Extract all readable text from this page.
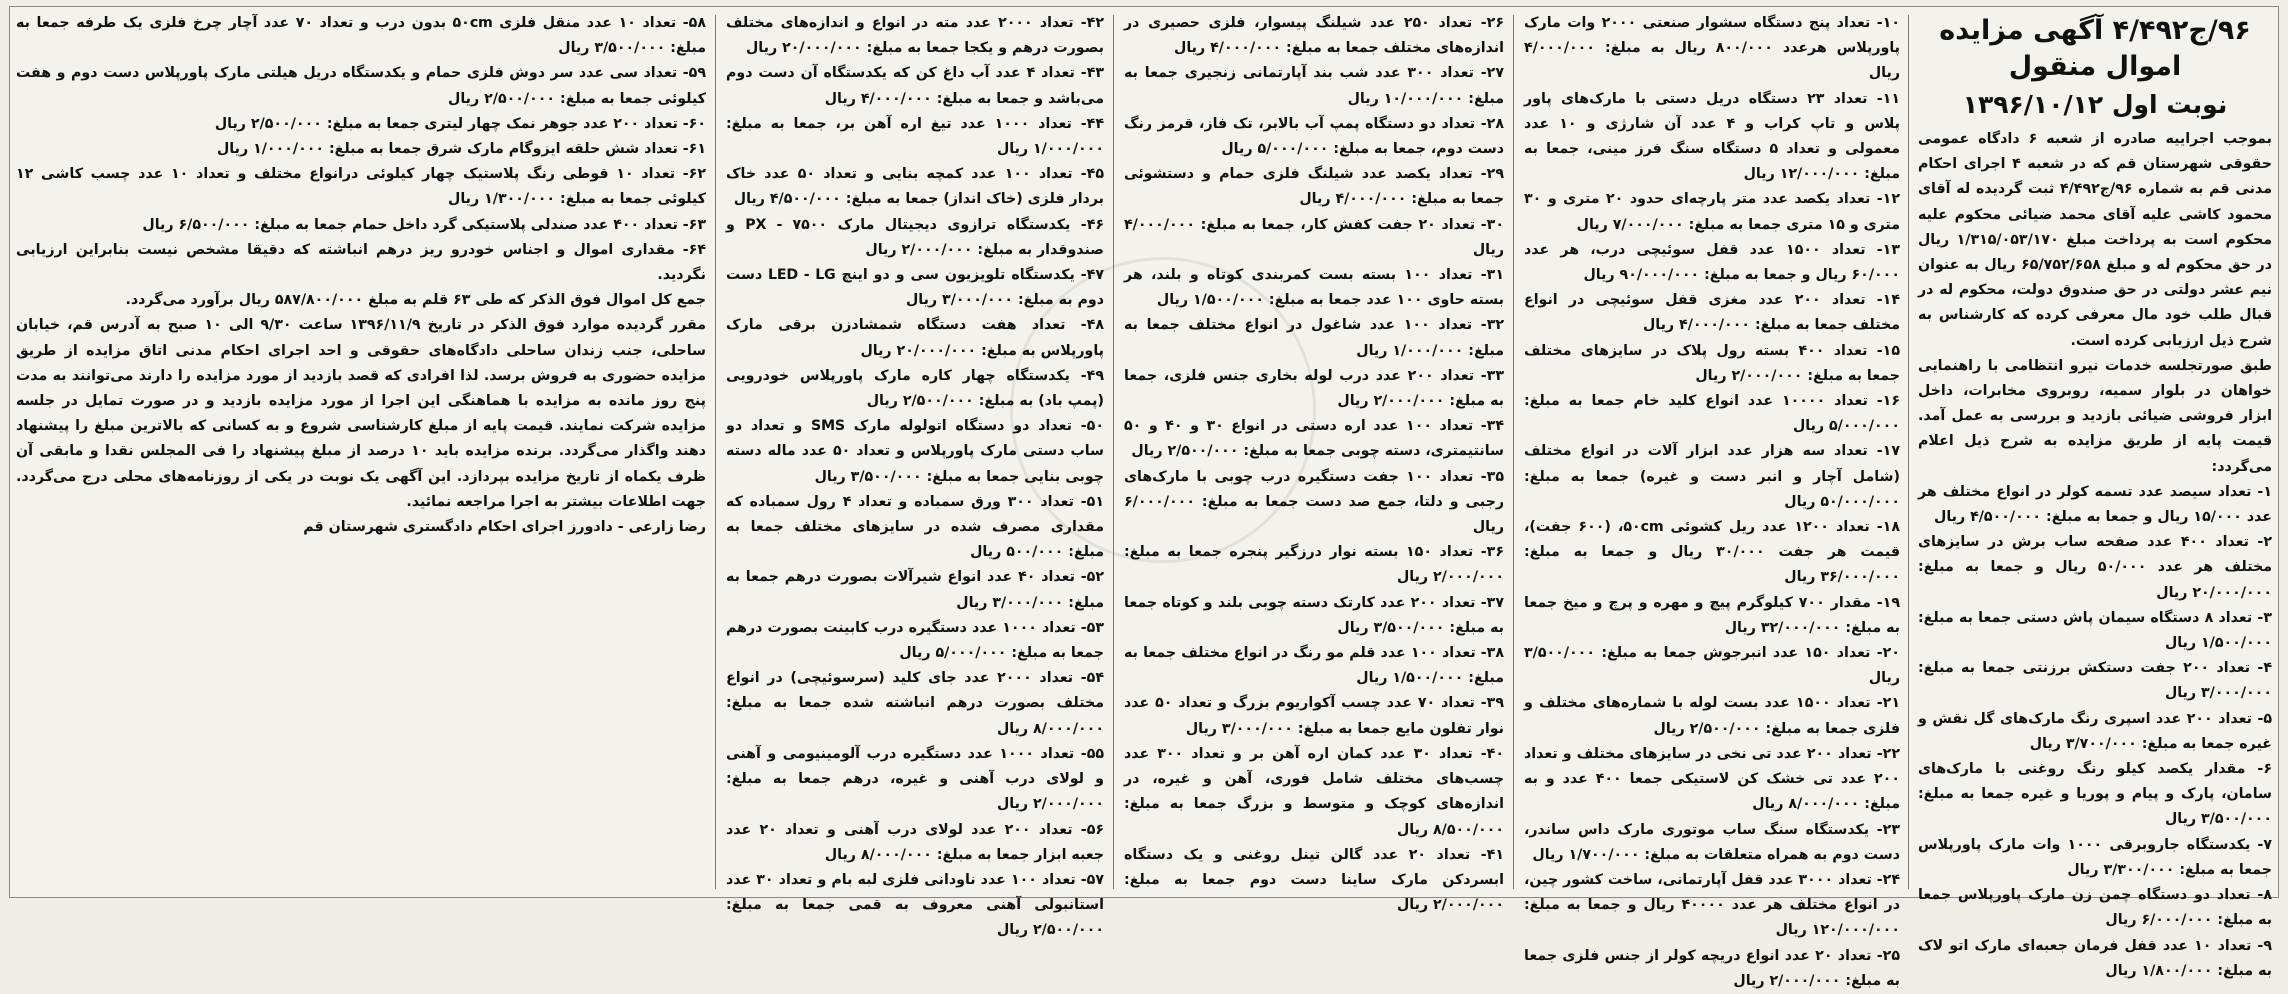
۹۶/ج۴/۴۹۲ آگهی مزایده اموال منقول
نوبت اول ۱۳۹۶/۱۰/۱۲

بموجب اجراییه صادره از شعبه ۶ دادگاه عمومی حقوقی شهرستان قم که در شعبه ۴ اجرای احکام مدنی قم به شماره ۹۶/ج۴/۴۹۲ ثبت گردیده له آقای محمود کاشی علیه آقای محمد ضیائی محکوم علیه محکوم است به پرداخت مبلغ ۱/۳۱۵/۰۵۳/۱۷۰ ریال در حق محکوم له و مبلغ ۶۵/۷۵۲/۶۵۸ ریال به عنوان نیم عشر دولتی در حق صندوق دولت، محکوم له در قبال طلب خود مال معرفی کرده که کارشناس به شرح ذیل ارزیابی کرده است.

طبق صورتجلسه خدمات نیرو انتظامی با راهنمایی خواهان در بلوار سمیه، روبروی مخابرات، داخل ابزار فروشی ضیائی بازدید و بررسی به عمل آمد. قیمت پایه از طریق مزایده به شرح ذیل اعلام می‌گردد:

۱- تعداد سیصد عدد تسمه کولر در انواع مختلف هر عدد ۱۵/۰۰۰ ریال و جمعا به مبلغ: ۴/۵۰۰/۰۰۰ ریال

۲- تعداد ۴۰۰ عدد صفحه ساب برش در سایزهای مختلف هر عدد ۵۰/۰۰۰ ریال و جمعا به مبلغ: ۲۰/۰۰۰/۰۰۰ ریال

۳- تعداد ۸ دستگاه سیمان پاش دستی جمعا به مبلغ: ۱/۵۰۰/۰۰۰ ریال

۴- تعداد ۲۰۰ جفت دستکش برزنتی جمعا به مبلغ: ۳/۰۰۰/۰۰۰ ریال

۵- تعداد ۲۰۰ عدد اسپری رنگ مارک‌های گل نقش و غیره جمعا به مبلغ: ۳/۷۰۰/۰۰۰ ریال

۶- مقدار یکصد کیلو رنگ روغنی با مارک‌های سامان، پارک و پیام و پوریا و غیره جمعا به مبلغ: ۳/۵۰۰/۰۰۰ ریال

۷- یکدستگاه جاروبرقی ۱۰۰۰ وات مارک پاورپلاس جمعا به مبلغ: ۳/۳۰۰/۰۰۰ ریال

۸- تعداد دو دستگاه چمن زن مارک پاورپلاس جمعا به مبلغ: ۶/۰۰۰/۰۰۰ ریال

۹- تعداد ۱۰ عدد قفل فرمان جعبه‌ای مارک اتو لاک به مبلغ: ۱/۸۰۰/۰۰۰ ریال

۱۰- تعداد پنج دستگاه سشوار صنعتی ۲۰۰۰ وات مارک پاورپلاس هرعدد ۸۰۰/۰۰۰ ریال به مبلغ: ۴/۰۰۰/۰۰۰ ریال

۱۱- تعداد ۲۳ دستگاه دریل دستی با مارک‌های پاور پلاس و تاپ کراب و ۴ عدد آن شارژی و ۱۰ عدد معمولی و تعداد ۵ دستگاه سنگ فرز مینی، جمعا به مبلغ: ۱۲/۰۰۰/۰۰۰ ریال

۱۲- تعداد یکصد عدد متر پارچه‌ای حدود ۲۰ متری و ۳۰ متری و ۱۵ متری جمعا به مبلغ: ۷/۰۰۰/۰۰۰ ریال

۱۳- تعداد ۱۵۰۰ عدد قفل سوئیچی درب، هر عدد ۶۰/۰۰۰ ریال و جمعا به مبلغ: ۹۰/۰۰۰/۰۰۰ ریال

۱۴- تعداد ۲۰۰ عدد مغزی قفل سوئیچی در انواع مختلف جمعا به مبلغ: ۴/۰۰۰/۰۰۰ ریال

۱۵- تعداد ۴۰۰ بسته رول پلاک در سایزهای مختلف جمعا به مبلغ: ۲/۰۰۰/۰۰۰ ریال

۱۶- تعداد ۱۰۰۰۰ عدد انواع کلید خام جمعا به مبلغ: ۵/۰۰۰/۰۰۰ ریال

۱۷- تعداد سه هزار عدد ابزار آلات در انواع مختلف (شامل آچار و انبر دست و غیره) جمعا به مبلغ: ۵۰/۰۰۰/۰۰۰ ریال

۱۸- تعداد ۱۲۰۰ عدد ریل کشوئی ۵۰cm، (۶۰۰ جفت)، قیمت هر جفت ۳۰/۰۰۰ ریال و جمعا به مبلغ: ۳۶/۰۰۰/۰۰۰ ریال

۱۹- مقدار ۷۰۰ کیلوگرم پیچ و مهره و پرچ و میخ جمعا به مبلغ: ۳۲/۰۰۰/۰۰۰ ریال

۲۰- تعداد ۱۵۰ عدد انبرجوش جمعا به مبلغ: ۳/۵۰۰/۰۰۰ ریال

۲۱- تعداد ۱۵۰۰ عدد بست لوله با شماره‌های مختلف و فلزی جمعا به مبلغ: ۲/۵۰۰/۰۰۰ ریال

۲۲- تعداد ۲۰۰ عدد تی نخی در سایزهای مختلف و تعداد ۲۰۰ عدد تی خشک کن لاستیکی جمعا ۴۰۰ عدد و به مبلغ: ۸/۰۰۰/۰۰۰ ریال

۲۳- یکدستگاه سنگ ساب موتوری مارک داس ساندر، دست دوم به همراه متعلقات به مبلغ: ۱/۷۰۰/۰۰۰ ریال

۲۴- تعداد ۳۰۰۰ عدد قفل آپارتمانی، ساخت کشور چین، در انواع مختلف هر عدد ۴۰۰۰۰ ریال و جمعا به مبلغ: ۱۲۰/۰۰۰/۰۰۰ ریال

۲۵- تعداد ۲۰ عدد انواع دریچه کولر از جنس فلزی جمعا به مبلغ: ۲/۰۰۰/۰۰۰ ریال

۲۶- تعداد ۲۵۰ عدد شیلنگ پیسوار، فلزی حصیری در اندازه‌های مختلف جمعا به مبلغ: ۴/۰۰۰/۰۰۰ ریال

۲۷- تعداد ۳۰۰ عدد شب بند آپارتمانی زنجیری جمعا به مبلغ: ۱۰/۰۰۰/۰۰۰ ریال

۲۸- تعداد دو دستگاه پمپ آب بالابر، تک فاز، قرمز رنگ دست دوم، جمعا به مبلغ: ۵/۰۰۰/۰۰۰ ریال

۲۹- تعداد یکصد عدد شیلنگ فلزی حمام و دستشوئی جمعا به مبلغ: ۴/۰۰۰/۰۰۰ ریال

۳۰- تعداد ۲۰ جفت کفش کار، جمعا به مبلغ: ۴/۰۰۰/۰۰۰ ریال

۳۱- تعداد ۱۰۰ بسته بست کمربندی کوتاه و بلند، هر بسته حاوی ۱۰۰ عدد جمعا به مبلغ: ۱/۵۰۰/۰۰۰ ریال

۳۲- تعداد ۱۰۰ عدد شاغول در انواع مختلف جمعا به مبلغ: ۱/۰۰۰/۰۰۰ ریال

۳۳- تعداد ۲۰۰ عدد درب لوله بخاری جنس فلزی، جمعا به مبلغ: ۲/۰۰۰/۰۰۰ ریال

۳۴- تعداد ۱۰۰ عدد اره دستی در انواع ۳۰ و ۴۰ و ۵۰ سانتیمتری، دسته چوبی جمعا به مبلغ: ۲/۵۰۰/۰۰۰ ریال

۳۵- تعداد ۱۰۰ جفت دستگیره درب چوبی با مارک‌های رجبی و دلتا، جمع صد دست جمعا به مبلغ: ۶/۰۰۰/۰۰۰ ریال

۳۶- تعداد ۱۵۰ بسته نوار درزگیر پنجره جمعا به مبلغ: ۲/۰۰۰/۰۰۰ ریال

۳۷- تعداد ۲۰۰ عدد کارتک دسته چوبی بلند و کوتاه جمعا به مبلغ: ۳/۵۰۰/۰۰۰ ریال

۳۸- تعداد ۱۰۰ عدد قلم مو رنگ در انواع مختلف جمعا به مبلغ: ۱/۵۰۰/۰۰۰ ریال

۳۹- تعداد ۷۰ عدد چسب آکواریوم بزرگ و تعداد ۵۰ عدد نوار تفلون مایع جمعا به مبلغ: ۳/۰۰۰/۰۰۰ ریال

۴۰- تعداد ۳۰ عدد کمان اره آهن بر و تعداد ۳۰۰ عدد چسب‌های مختلف شامل فوری، آهن و غیره، در اندازه‌های کوچک و متوسط و بزرگ جمعا به مبلغ: ۸/۵۰۰/۰۰۰ ریال

۴۱- تعداد ۲۰ عدد گالن تینل روغنی و یک دستگاه ابسردکن مارک ساینا دست دوم جمعا به مبلغ: ۲/۰۰۰/۰۰۰ ریال

۴۲- تعداد ۲۰۰۰ عدد مته در انواع و اندازه‌های مختلف بصورت درهم و یکجا جمعا به مبلغ: ۲۰/۰۰۰/۰۰۰ ریال

۴۳- تعداد ۴ عدد آب داغ کن که یکدستگاه آن دست دوم می‌باشد و جمعا به مبلغ: ۴/۰۰۰/۰۰۰ ریال

۴۴- تعداد ۱۰۰۰ عدد تیغ اره آهن بر، جمعا به مبلغ: ۱/۰۰۰/۰۰۰ ریال

۴۵- تعداد ۱۰۰ عدد کمچه بنایی و تعداد ۵۰ عدد خاک بردار فلزی (خاک انداز) جمعا به مبلغ: ۴/۵۰۰/۰۰۰ ریال

۴۶- یکدستگاه ترازوی دیجیتال مارک PX - ۷۵۰۰ و صندوقدار به مبلغ: ۲/۰۰۰/۰۰۰ ریال

۴۷- یکدستگاه تلویزیون سی و دو اینچ LED - LG دست دوم به مبلغ: ۳/۰۰۰/۰۰۰ ریال

۴۸- تعداد هفت دستگاه شمشادزن برقی مارک پاورپلاس به مبلغ: ۲۰/۰۰۰/۰۰۰ ریال

۴۹- یکدستگاه چهار کاره مارک پاورپلاس خودرویی (پمپ باد) به مبلغ: ۲/۵۰۰/۰۰۰ ریال

۵۰- تعداد دو دستگاه اتولوله مارک SMS و تعداد دو ساب دستی مارک پاورپلاس و تعداد ۵۰ عدد ماله دسته چوبی بنایی جمعا به مبلغ: ۳/۵۰۰/۰۰۰ ریال

۵۱- تعداد ۳۰۰ ورق سمباده و تعداد ۴ رول سمباده که مقداری مصرف شده در سایزهای مختلف جمعا به مبلغ: ۵۰۰/۰۰۰ ریال

۵۲- تعداد ۴۰ عدد انواع شیرآلات بصورت درهم جمعا به مبلغ: ۳/۰۰۰/۰۰۰ ریال

۵۳- تعداد ۱۰۰۰ عدد دستگیره درب کابینت بصورت درهم جمعا به مبلغ: ۵/۰۰۰/۰۰۰ ریال

۵۴- تعداد ۲۰۰۰ عدد جای کلید (سرسوئیچی) در انواع مختلف بصورت درهم انباشته شده جمعا به مبلغ: ۸/۰۰۰/۰۰۰ ریال

۵۵- تعداد ۱۰۰۰ عدد دستگیره درب آلومینیومی و آهنی و لولای درب آهنی و غیره، درهم جمعا به مبلغ: ۲/۰۰۰/۰۰۰ ریال

۵۶- تعداد ۲۰۰ عدد لولای درب آهنی و تعداد ۲۰ عدد جعبه ابزار جمعا به مبلغ: ۸/۰۰۰/۰۰۰ ریال

۵۷- تعداد ۱۰۰ عدد ناودانی فلزی لبه بام و تعداد ۳۰ عدد استانبولی آهنی معروف به قمی جمعا به مبلغ: ۲/۵۰۰/۰۰۰ ریال

۵۸- تعداد ۱۰ عدد منقل فلزی ۵۰cm بدون درب و تعداد ۷۰ عدد آچار چرخ فلزی یک طرفه جمعا به مبلغ: ۳/۵۰۰/۰۰۰ ریال

۵۹- تعداد سی عدد سر دوش فلزی حمام و یکدستگاه دریل هیلتی مارک پاورپلاس دست دوم و هفت کیلوئی جمعا به مبلغ: ۲/۵۰۰/۰۰۰ ریال

۶۰- تعداد ۲۰۰ عدد جوهر نمک چهار لیتری جمعا به مبلغ: ۲/۵۰۰/۰۰۰ ریال

۶۱- تعداد شش حلقه ایزوگام مارک شرق جمعا به مبلغ: ۱/۰۰۰/۰۰۰ ریال

۶۲- تعداد ۱۰ قوطی رنگ پلاستیک چهار کیلوئی درانواع مختلف و تعداد ۱۰ عدد چسب کاشی ۱۲ کیلوئی جمعا به مبلغ: ۱/۳۰۰/۰۰۰ ریال

۶۳- تعداد ۴۰۰ عدد صندلی پلاستیکی گرد داخل حمام جمعا به مبلغ: ۶/۵۰۰/۰۰۰ ریال

۶۴- مقداری اموال و اجناس خودرو ریز درهم انباشته که دقیقا مشخص نیست بنابراین ارزیابی نگردید.

جمع کل اموال فوق الذکر که طی ۶۳ قلم به مبلغ ۵۸۷/۸۰۰/۰۰۰ ریال برآورد می‌گردد.

مقرر گردیده موارد فوق الذکر در تاریخ ۱۳۹۶/۱۱/۹ ساعت ۹/۳۰ الی ۱۰ صبح به آدرس قم، خیابان ساحلی، جنب زندان ساحلی دادگاه‌های حقوقی و احد اجرای احکام مدنی اتاق مزایده از طریق مزایده حضوری به فروش برسد. لذا افرادی که قصد بازدید از مورد مزایده را دارند می‌توانند به مدت پنج روز مانده به مزایده با هماهنگی این اجرا از مورد مزایده بازدید و در صورت تمایل در جلسه مزایده شرکت نمایند. قیمت پایه از مبلغ کارشناسی شروع و به کسانی که بالاترین مبلغ را پیشنهاد دهند واگذار می‌گردد. برنده مزایده باید ۱۰ درصد از مبلغ پیشنهاد را فی المجلس نقدا و مابقی آن ظرف یکماه از تاریخ مزایده بپردازد. این آگهی یک نوبت در یکی از روزنامه‌های محلی درج می‌گردد. جهت اطلاعات بیشتر به اجرا مراجعه نمائید.

رضا زارعی - دادورز اجرای احکام دادگستری شهرستان قم
